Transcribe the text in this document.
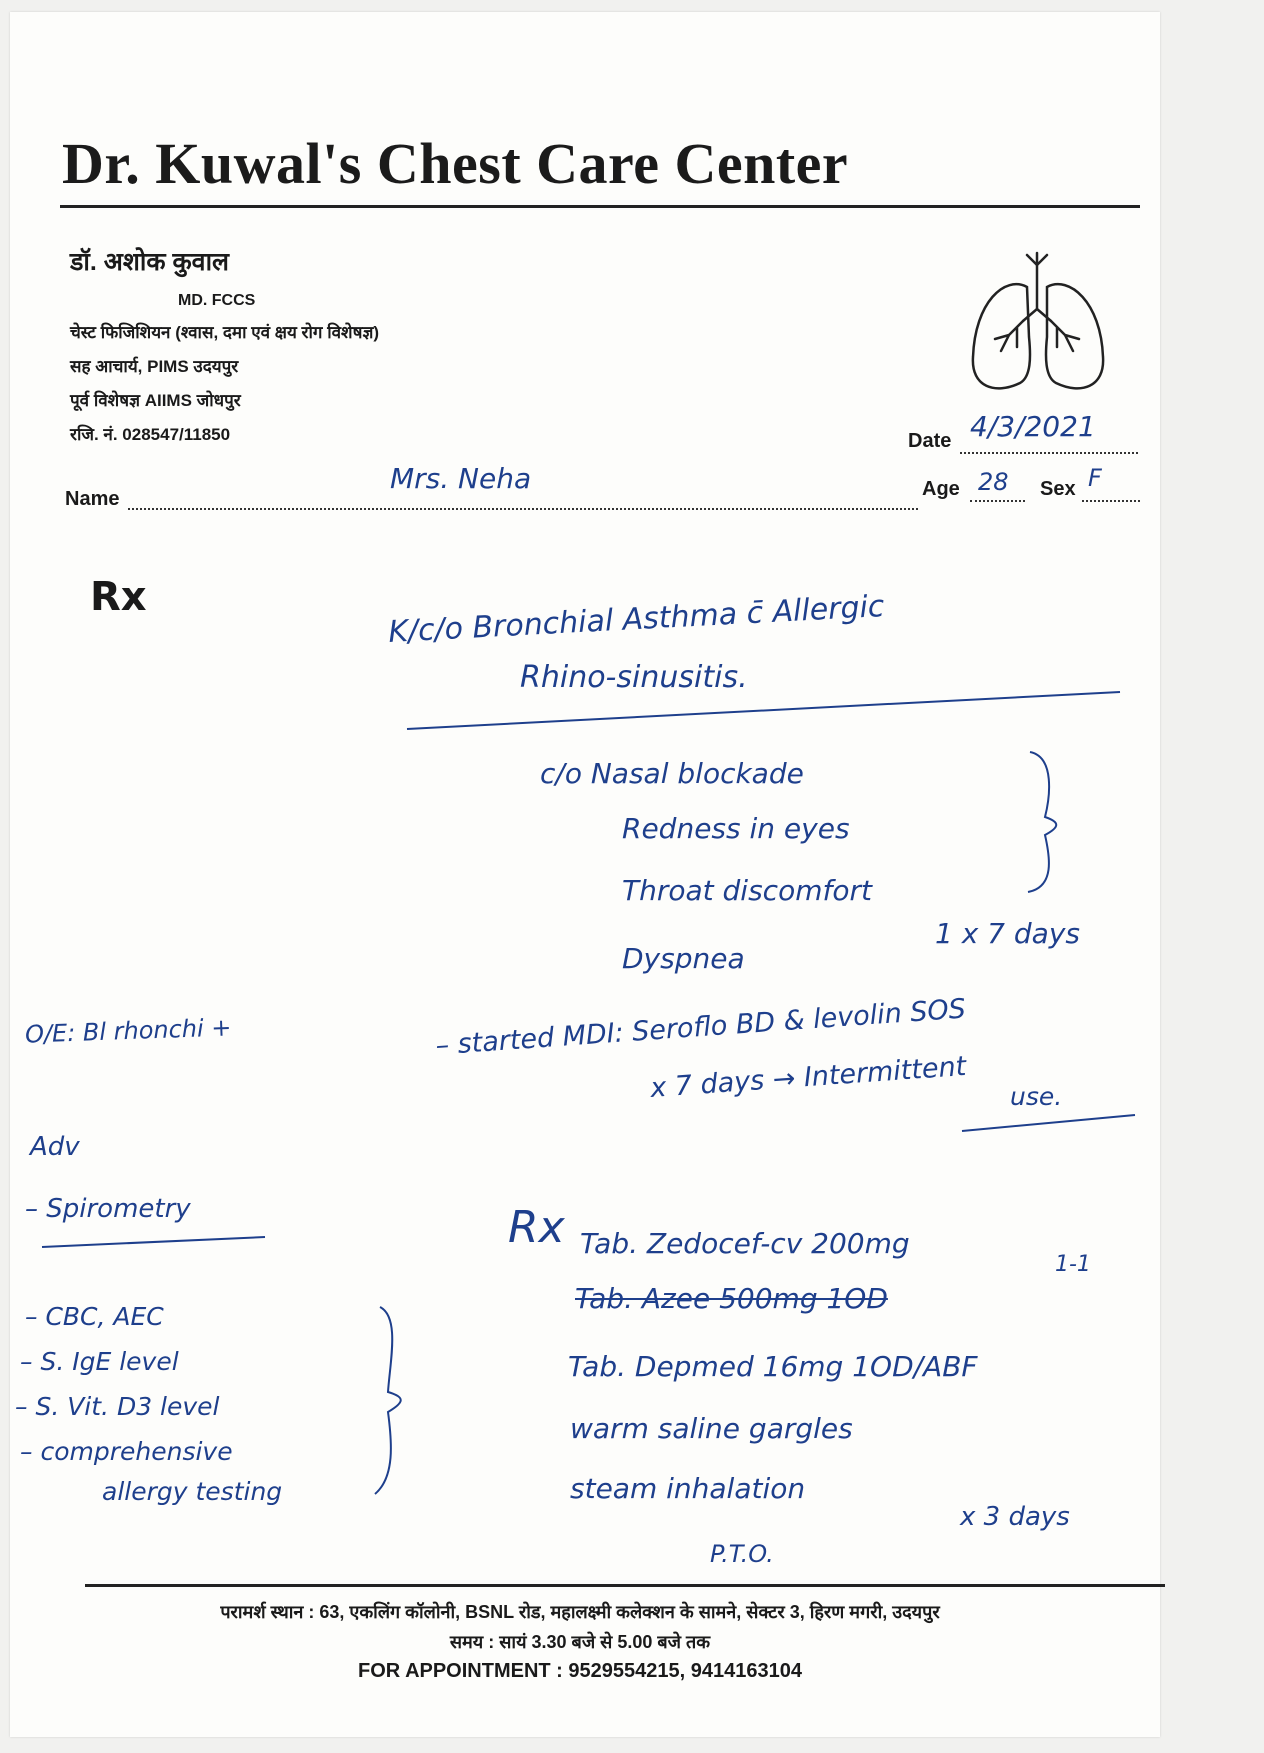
Dr. Kuwal's Chest Care Center
डॉ. अशोक कुवाल
MD. FCCS
चेस्ट फिजिशियन (श्वास, दमा एवं क्षय रोग विशेषज्ञ)
सह आचार्य, PIMS उदयपुर
पूर्व विशेषज्ञ AIIMS जोधपुर
रजि. नं. 028547/11850	Date 4/3/2021
Name
Mrs. Neha	Age 28 Sex F
Rx	K/c/o Bronchial Asthma c̄ Allergic
Rhino-sinusitis.
c/o Nasal blockade
Redness in eyes
Throat discomfort
Dyspnea
1 x 7 days
O/E: Bl rhonchi +	– started MDI: Seroflo BD & levolin SOS
x 7 days → Intermittent use.
Adv
– Spirometry
– CBC, AEC
– S. IgE level
– S. Vit. D3 level
– comprehensive
allergy testing
Rx Tab. Zedocef-cv 200mg
1-1
Tab. Azee 500mg 1OD
Tab. Depmed 16mg 1OD/ABF
warm saline gargles
steam inhalation
x 3 days
P.T.O.
परामर्श स्थान : 63, एकलिंग कॉलोनी, BSNL रोड, महालक्ष्मी कलेक्शन के सामने, सेक्टर 3, हिरण मगरी, उदयपुर
समय : सायं 3.30 बजे से 5.00 बजे तक
FOR APPOINTMENT : 9529554215, 9414163104
